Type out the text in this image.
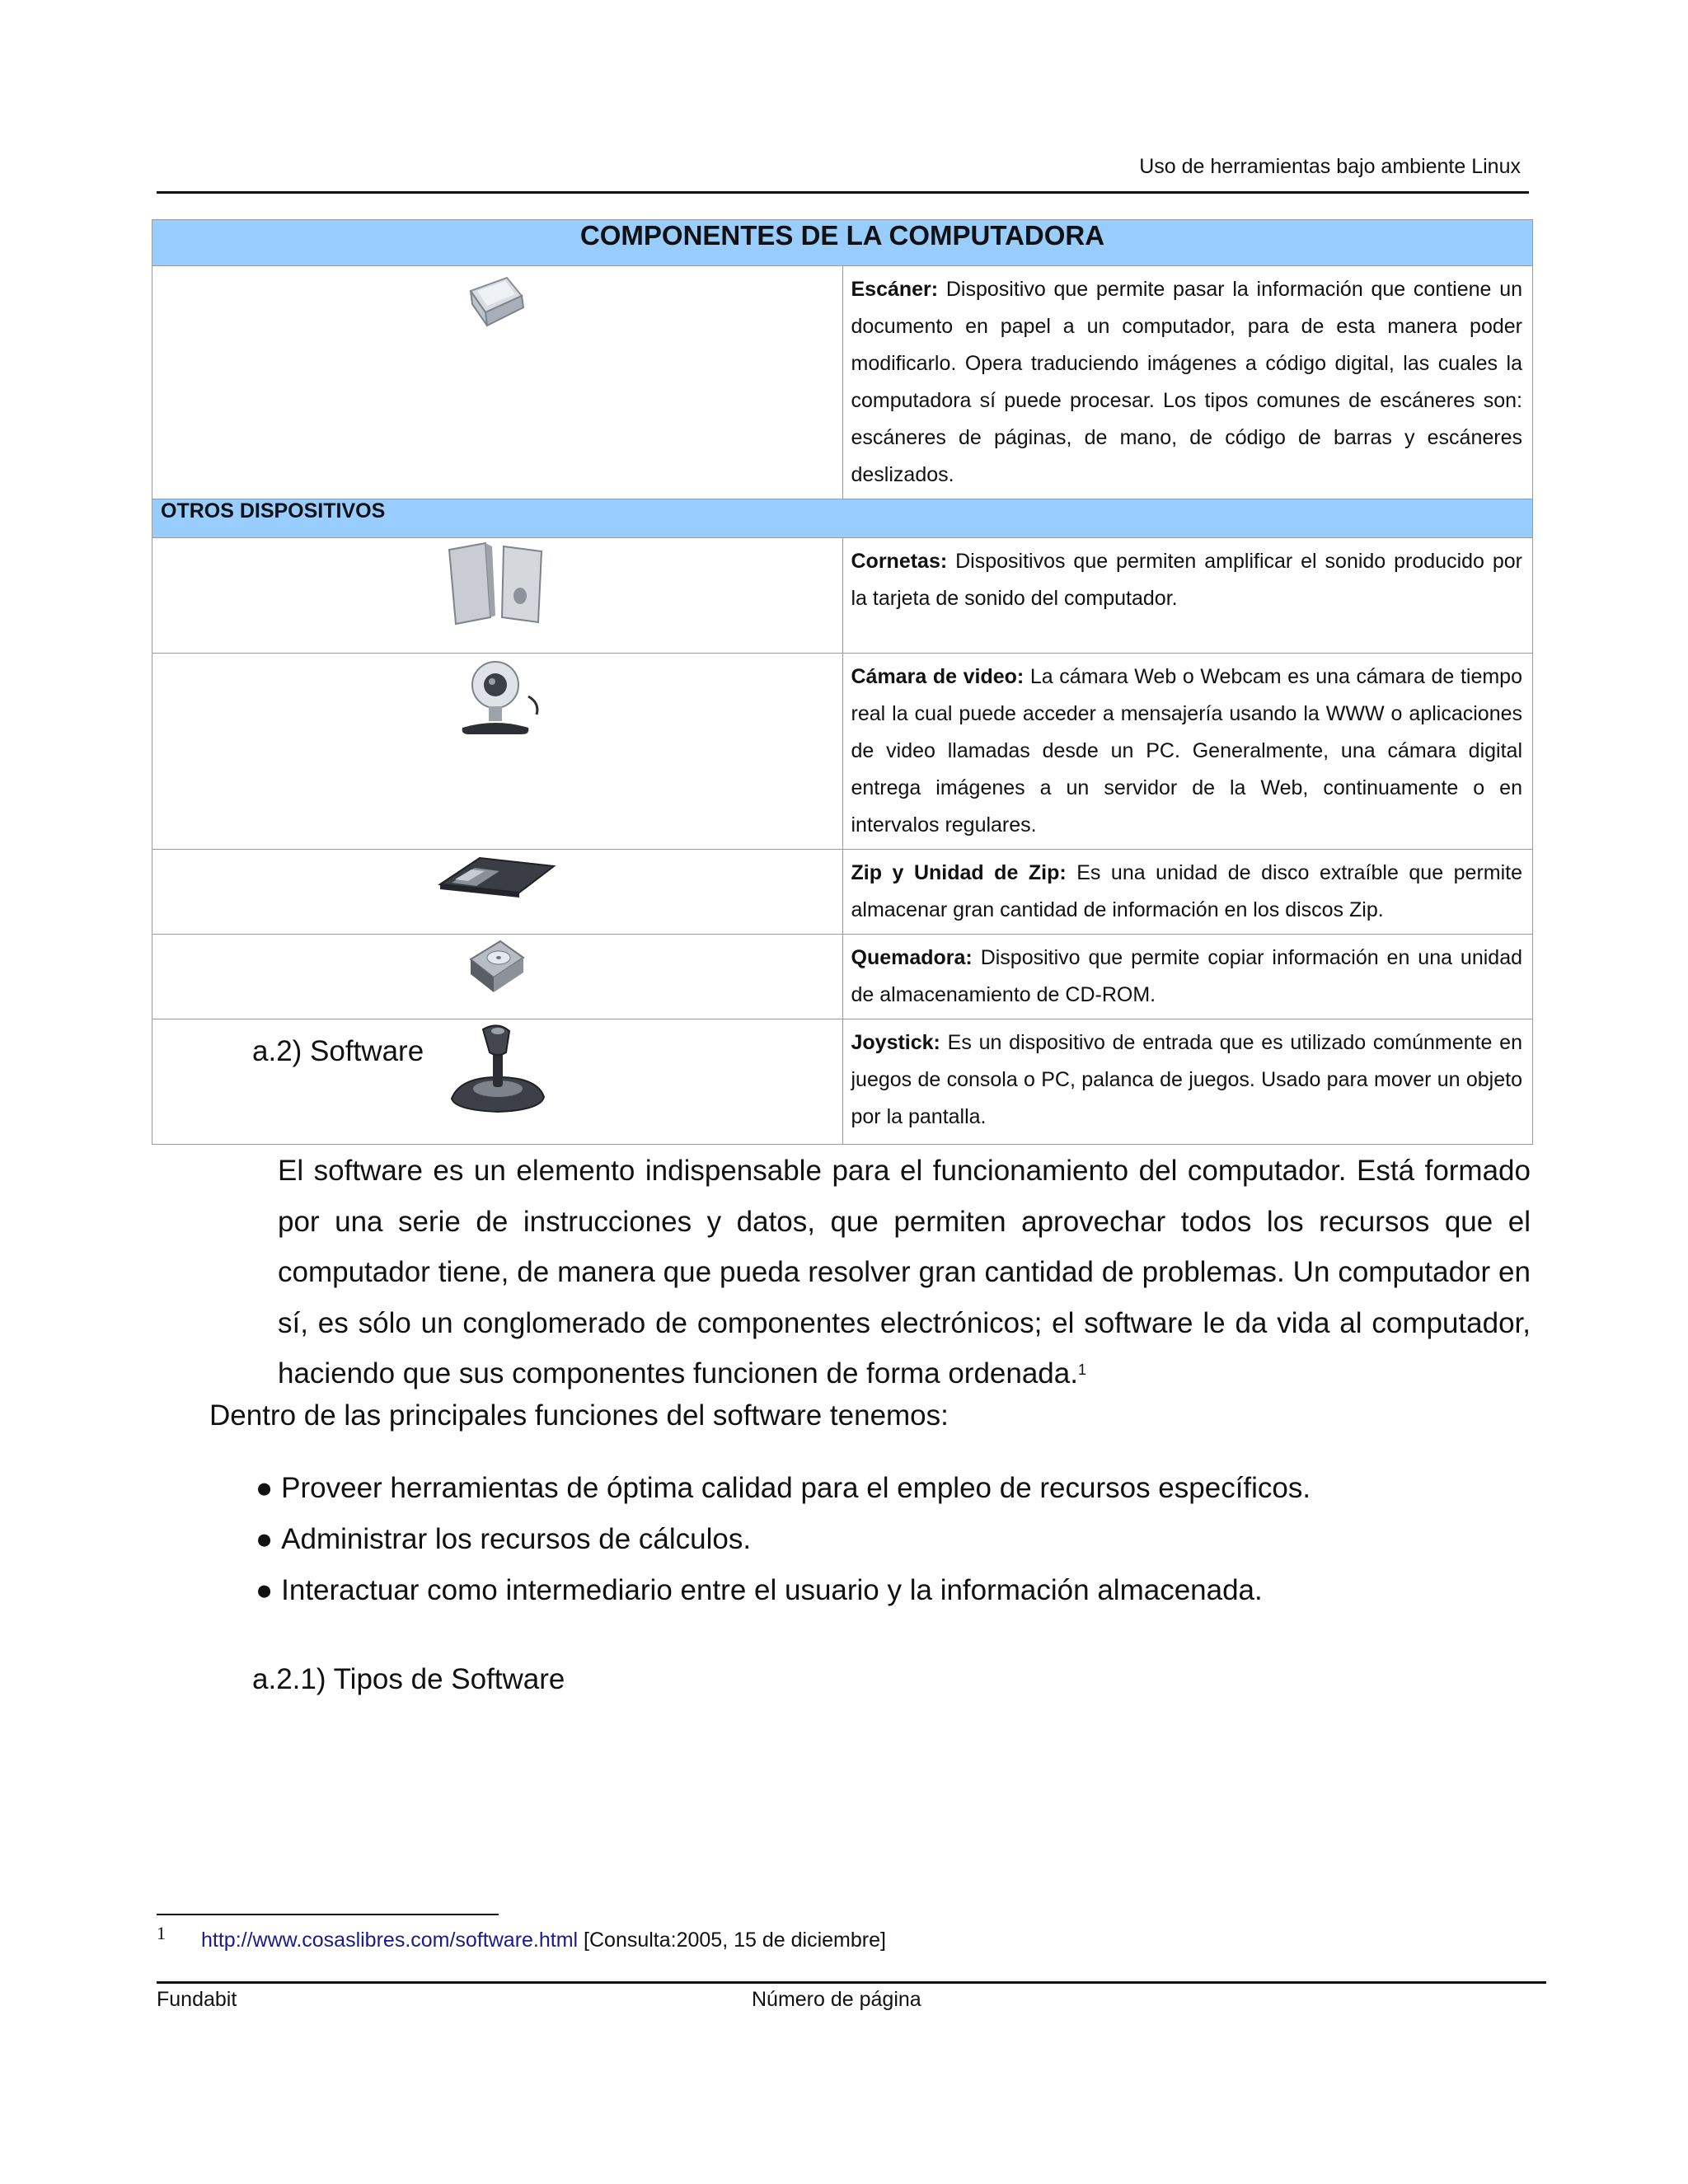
Uso de herramientas bajo ambiente Linux
COMPONENTES DE LA COMPUTADORA	
	Escáner: Dispositivo que permite pasar la información que contiene un documento en papel a un computador, para de esta manera poder modificarlo. Opera traduciendo imágenes a código digital, las cuales la computadora sí puede procesar. Los tipos comunes de escáneres son: escáneres de páginas, de mano, de código de barras y escáneres deslizados.
OTROS DISPOSITIVOS	
	Cornetas: Dispositivos que permiten amplificar el sonido producido por la tarjeta de sonido del computador.
	Cámara de video: La cámara Web o Webcam es una cámara de tiempo real la cual puede acceder a mensajería usando la WWW o aplicaciones de video llamadas desde un PC. Generalmente, una cámara digital entrega imágenes a un servidor de la Web, continuamente o en intervalos regulares.
	Zip y Unidad de Zip: Es una unidad de disco extraíble que permite almacenar gran cantidad de información en los discos Zip.
	Quemadora: Dispositivo que permite copiar información en una unidad de almacenamiento de CD-ROM.
	Joystick: Es un dispositivo de entrada que es utilizado comúnmente en juegos de consola o PC, palanca de juegos. Usado para mover un objeto por la pantalla.
a.2) Software
El software es un elemento indispensable para el funcionamiento del computador. Está formado por una serie de instrucciones y datos, que permiten aprovechar todos los recursos que el computador tiene, de manera que pueda resolver gran cantidad de problemas. Un computador en sí, es sólo un conglomerado de componentes electrónicos; el software le da vida al computador, haciendo que sus componentes funcionen de forma ordenada.$^1$
Dentro de las principales funciones del software tenemos:
● Proveer herramientas de óptima calidad para el empleo de recursos específicos.
● Administrar los recursos de cálculos.
● Interactuar como intermediario entre el usuario y la información almacenada.
a.2.1) Tipos de Software
1 http://www.cosaslibres.com/software.html [Consulta:2005, 15 de diciembre]
Fundabit	Número de página
